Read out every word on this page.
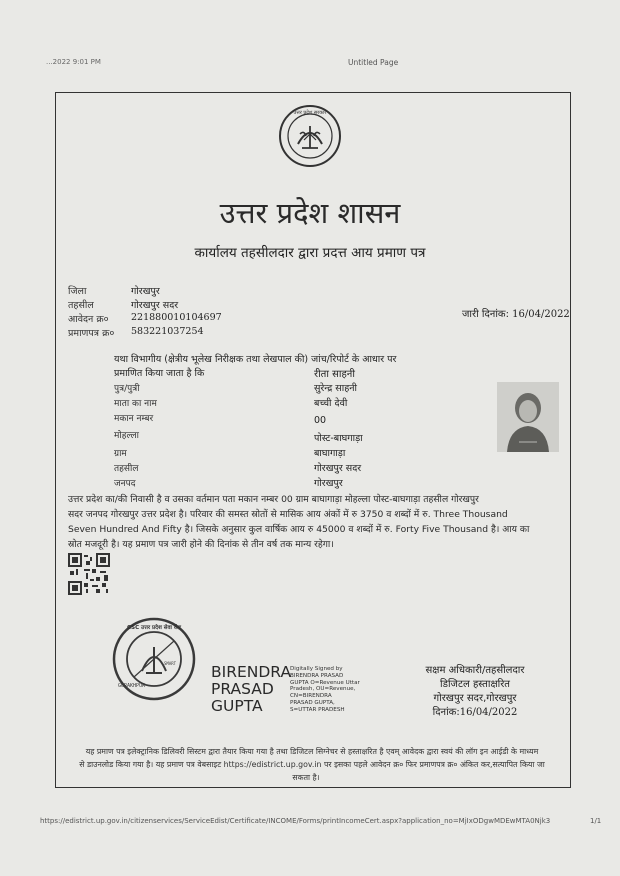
...2022 9:01 PM	Untitled Page
उत्तर प्रदेश सरकार
उत्तर प्रदेश शासन
कार्यालय तहसीलदार द्वारा प्रदत्त आय प्रमाण पत्र
जिला	गोरखपुर
तहसील	गोरखपुर सदर
आवेदन क्र० 221880010104697
प्रमाणपत्र क्र० 583221037254
जारी दिनांक: 16/04/2022
यथा विभागीय (क्षेत्रीय भूलेख निरीक्षक तथा लेखपाल की) जांच/रिपोर्ट के आधार पर
प्रमाणित किया जाता है कि	रीता साहनी
पुत्र/पुत्री	सुरेन्द्र साहनी
माता का नाम	बच्ची देवी
मकान नम्बर	00
मोहल्ला	पोस्ट-बाघगाड़ा
ग्राम	बाघागाड़ा
तहसील	गोरखपुर सदर
जनपद	गोरखपुर
उत्तर प्रदेश का/की निवासी है व उसका वर्तमान पता मकान नम्बर 00 ग्राम बाघागाड़ा मोहल्ला पोस्ट-बाघगाड़ा तहसील गोरखपुर
सदर जनपद गोरखपुर उत्तर प्रदेश है। परिवार की समस्त स्रोतों से मासिक आय अंकों में रु 3750 व शब्दों में रु. Three Thousand
Seven Hundred And Fifty है। जिसके अनुसार कुल वार्षिक आय रु 45000 व शब्दों में रु. Forty Five Thousand है। आय का
स्रोत मजदूरी है। यह प्रमाण पत्र जारी होने की दिनांक से तीन वर्ष तक मान्य रहेगा।
GORAKHPUR
SMART
CSC उत्तर प्रदेश सेवा केंद्र
BIRENDRA
PRASAD
GUPTA
Digitally Signed by
BIRENDRA PRASAD
GUPTA O=Revenue Uttar
Pradesh, OU=Revenue,
CN=BIRENDRA
PRASAD GUPTA,
S=UTTAR PRADESH
सक्षम अधिकारी/तहसीलदार
डिजिटल हस्ताक्षरित
गोरखपुर सदर,गोरखपुर
दिनांक:16/04/2022
यह प्रमाण पत्र इलेक्ट्रानिक डिलिवरी सिस्टम द्वारा तैयार किया गया है तथा डिजिटल सिग्नेचर से हस्ताक्षरित है एवम् आवेदक द्वारा स्वयं की लॉग इन आईडी के माध्यम
से डाउनलोड किया गया है। यह प्रमाण पत्र वेबसाइट https://edistrict.up.gov.in पर इसका पहले आवेदन क्र० फिर प्रमाणपत्र क्र० अंकित कर,सत्यापित किया जा
सकता है।
https://edistrict.up.gov.in/citizenservices/ServiceEdist/Certificate/INCOME/Forms/printIncomeCert.aspx?application_no=MjIxODgwMDEwMTA0Njk3	1/1
